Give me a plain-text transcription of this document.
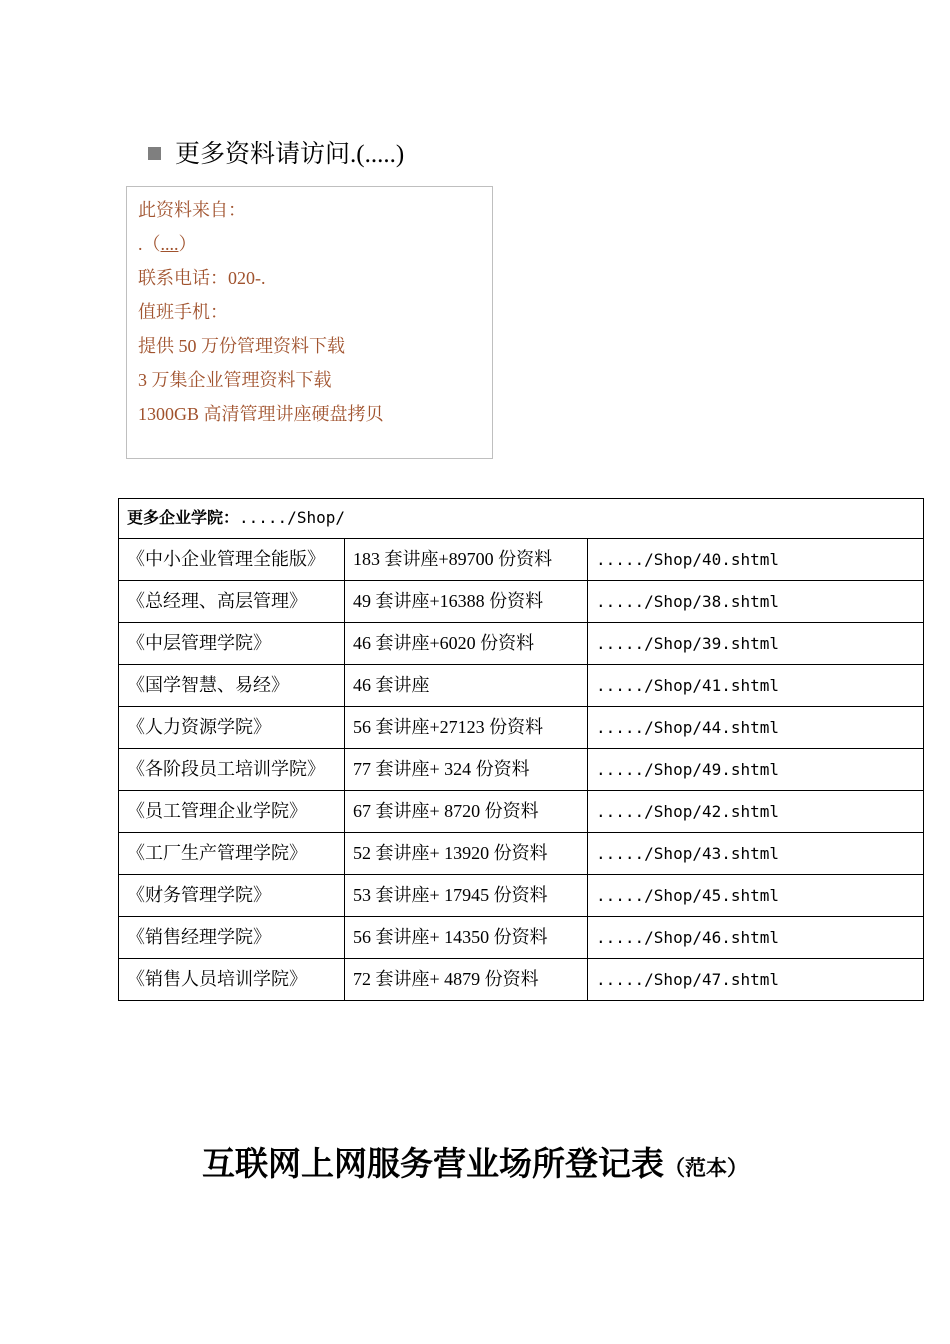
更多资料请访问.(.....)
此资料来自：
.（....）
联系电话：020-.
值班手机：
提供 50 万份管理资料下载
3 万集企业管理资料下载
1300GB 高清管理讲座硬盘拷贝
更多企业学院：...../Shop/		
《中小企业管理全能版》	183 套讲座+89700 份资料	...../Shop/40.shtml
《总经理、高层管理》	49 套讲座+16388 份资料	...../Shop/38.shtml
《中层管理学院》	46 套讲座+6020 份资料	...../Shop/39.shtml
《国学智慧、易经》	46 套讲座	...../Shop/41.shtml
《人力资源学院》	56 套讲座+27123 份资料	...../Shop/44.shtml
《各阶段员工培训学院》	77 套讲座+ 324 份资料	...../Shop/49.shtml
《员工管理企业学院》	67 套讲座+ 8720 份资料	...../Shop/42.shtml
《工厂生产管理学院》	52 套讲座+ 13920 份资料	...../Shop/43.shtml
《财务管理学院》	53 套讲座+ 17945 份资料	...../Shop/45.shtml
《销售经理学院》	56 套讲座+ 14350 份资料	...../Shop/46.shtml
《销售人员培训学院》	72 套讲座+ 4879 份资料	...../Shop/47.shtml
互联网上网服务营业场所登记表（范本）
